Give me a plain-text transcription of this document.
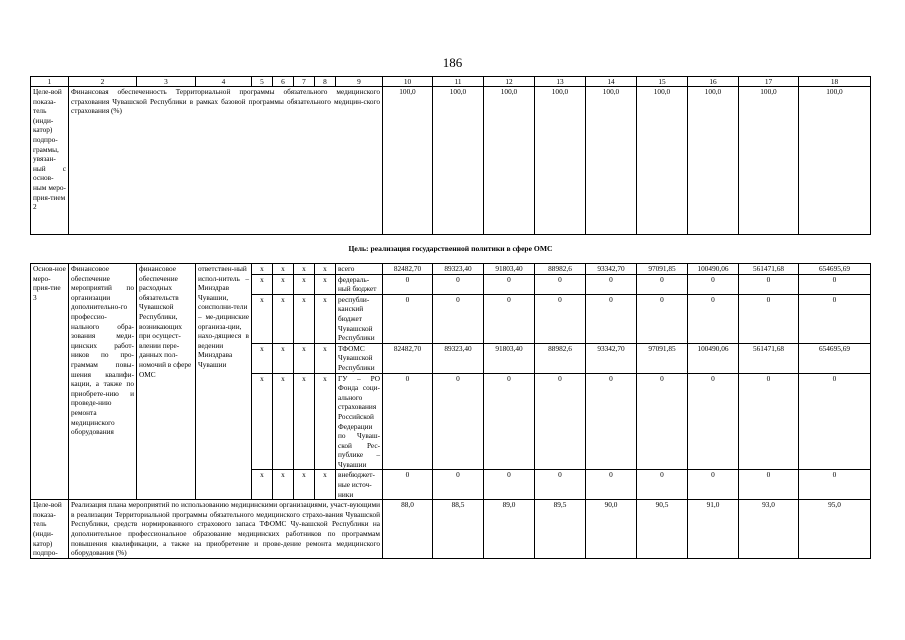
186
1	2	3	4	5	6	7	8	9	10	11	12	13	14	15	16	17	18
Целе-вой показа-тель (инди-катор) подпро-граммы, увязан-ный с основ-ным меро-прия-тием 2	Финансовая обеспеченность Территориальной программы обязательного медицинского страхования Чувашской Республики в рамках базовой программы обязательного медицин-ского страхования (%)								100,0	100,0	100,0	100,0	100,0	100,0	100,0	100,0	100,0
Цель: реализация государственной политики в сфере ОМС																	
Основ-ное меро-прия-тие 3	Финансовое обеспечение мероприятий по организации дополнительно-го профессио-нального обра-зования меди-цинских работ-ников по про-граммам повы-шения квалифи-кации, а также по приобрете-нию и проведе-нию ремонта медицинского оборудования	финансовое обеспечение расходных обязательств Чувашской Республики, возникающих при осущест-влении пере-данных пол-номочий в сфере ОМС	ответствен-ный испол-нитель – Минздрав Чувашии, соисполни-тели – ме-дицинские организа-ции, нахо-дящиеся в ведении Минздрава Чувашии	x	x	x	x	всего	82482,70	89323,40	91803,40	88982,6	93342,70	97091,85	100490,06	561471,68	654695,69
				x	x	x	x	федераль-ный бюджет	0	0	0	0	0	0	0	0	0
				x	x	x	x	республи-канский бюджет Чувашской Республики	0	0	0	0	0	0	0	0	0
				x	x	x	x	ТФОМС Чувашской Республики	82482,70	89323,40	91803,40	88982,6	93342,70	97091,85	100490,06	561471,68	654695,69
				x	x	x	x	ГУ – РО Фонда соци-ального страхования Российской Федерации по Чуваш-ской Рес-публике – Чувашии	0	0	0	0	0	0	0	0	0
				x	x	x	x	внебюджет-ные источ-ники	0	0	0	0	0	0	0	0	0
Целе-вой показа-тель (инди-катор) подпро-	Реализация плана мероприятий по использованию медицинскими организациями, участ-вующими в реализации Территориальной программы обязательного медицинского страхо-вания Чувашской Республики, средств нормированного страхового запаса ТФОМС Чу-вашской Республики на дополнительное профессиональное образование медицинских работников по программам повышения квалификации, а также на приобретение и прове-дение ремонта медицинского оборудования (%)								88,0	88,5	89,0	89,5	90,0	90,5	91,0	93,0	95,0
